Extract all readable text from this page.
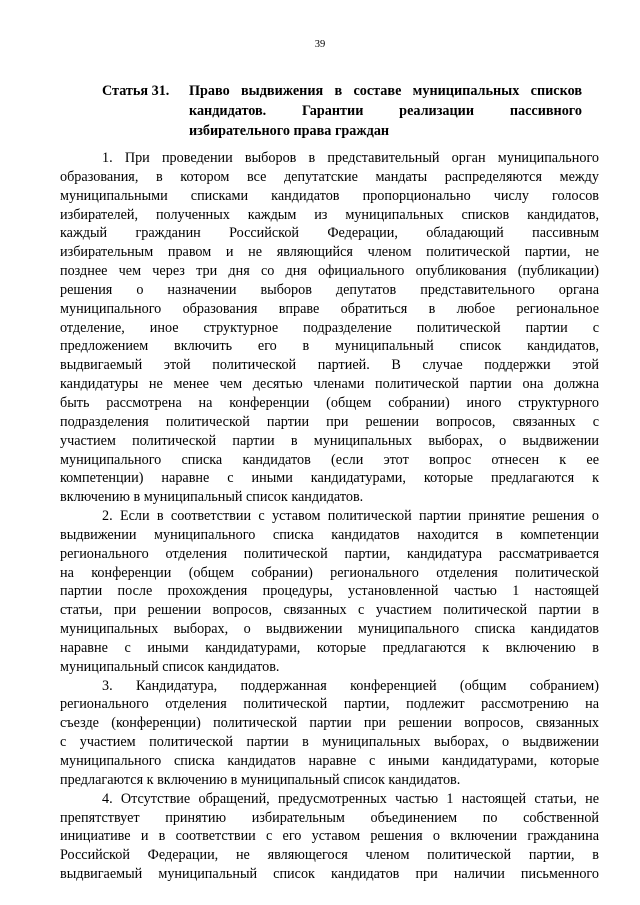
39
Статья 31. Право выдвижения в составе муниципальных списков
кандидатов. Гарантии реализации пассивного
избирательного права граждан
1. При проведении выборов в представительный орган муниципального
образования, в котором все депутатские мандаты распределяются между
муниципальными списками кандидатов пропорционально числу голосов
избирателей, полученных каждым из муниципальных списков кандидатов,
каждый гражданин Российской Федерации, обладающий пассивным
избирательным правом и не являющийся членом политической партии, не
позднее чем через три дня со дня официального опубликования (публикации)
решения о назначении выборов депутатов представительного органа
муниципального образования вправе обратиться в любое региональное
отделение, иное структурное подразделение политической партии с
предложением включить его в муниципальный список кандидатов,
выдвигаемый этой политической партией. В случае поддержки этой
кандидатуры не менее чем десятью членами политической партии она должна
быть рассмотрена на конференции (общем собрании) иного структурного
подразделения политической партии при решении вопросов, связанных с
участием политической партии в муниципальных выборах, о выдвижении
муниципального списка кандидатов (если этот вопрос отнесен к ее
компетенции) наравне с иными кандидатурами, которые предлагаются к
включению в муниципальный список кандидатов.
2. Если в соответствии с уставом политической партии принятие решения о
выдвижении муниципального списка кандидатов находится в компетенции
регионального отделения политической партии, кандидатура рассматривается
на конференции (общем собрании) регионального отделения политической
партии после прохождения процедуры, установленной частью 1 настоящей
статьи, при решении вопросов, связанных с участием политической партии в
муниципальных выборах, о выдвижении муниципального списка кандидатов
наравне с иными кандидатурами, которые предлагаются к включению в
муниципальный список кандидатов.
3. Кандидатура, поддержанная конференцией (общим собранием)
регионального отделения политической партии, подлежит рассмотрению на
съезде (конференции) политической партии при решении вопросов, связанных
с участием политической партии в муниципальных выборах, о выдвижении
муниципального списка кандидатов наравне с иными кандидатурами, которые
предлагаются к включению в муниципальный список кандидатов.
4. Отсутствие обращений, предусмотренных частью 1 настоящей статьи, не
препятствует принятию избирательным объединением по собственной
инициативе и в соответствии с его уставом решения о включении гражданина
Российской Федерации, не являющегося членом политической партии, в
выдвигаемый муниципальный список кандидатов при наличии письменного
